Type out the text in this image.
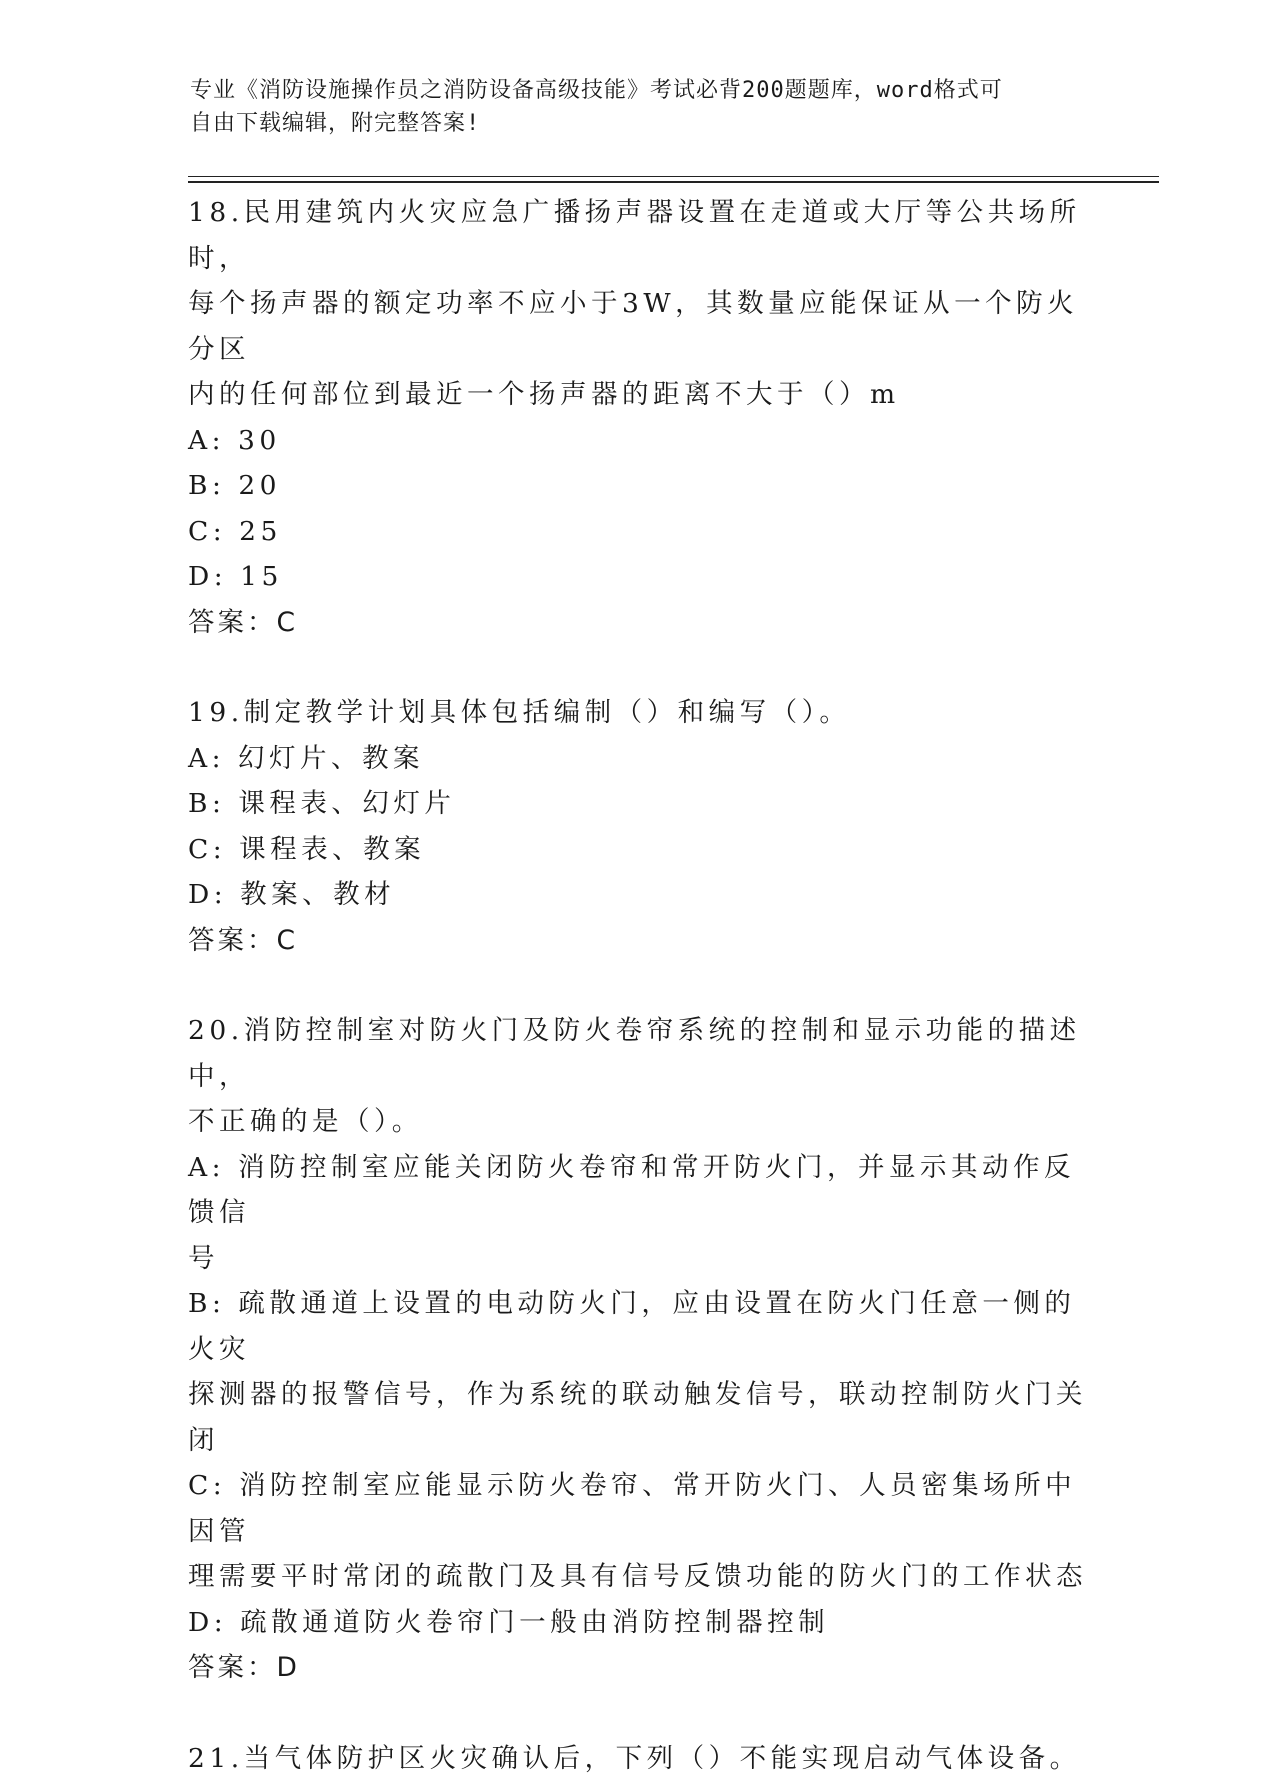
专业《消防设施操作员之消防设备高级技能》考试必背200题题库，word格式可
自由下载编辑，附完整答案!
18.民用建筑内火灾应急广播扬声器设置在走道或大厅等公共场所时，
每个扬声器的额定功率不应小于3W，其数量应能保证从一个防火分区
内的任何部位到最近一个扬声器的距离不大于（）m
A: 30
B: 20
C: 25
D: 15
答案：C
19.制定教学计划具体包括编制（）和编写（）。
A: 幻灯片、教案
B: 课程表、幻灯片
C: 课程表、教案
D: 教案、教材
答案：C
20.消防控制室对防火门及防火卷帘系统的控制和显示功能的描述中，
不正确的是（）。
A: 消防控制室应能关闭防火卷帘和常开防火门，并显示其动作反馈信
号
B: 疏散通道上设置的电动防火门，应由设置在防火门任意一侧的火灾
探测器的报警信号，作为系统的联动触发信号，联动控制防火门关闭
C: 消防控制室应能显示防火卷帘、常开防火门、人员密集场所中因管
理需要平时常闭的疏散门及具有信号反馈功能的防火门的工作状态
D: 疏散通道防火卷帘门一般由消防控制器控制
答案：D
21.当气体防护区火灾确认后，下列（）不能实现启动气体设备。
